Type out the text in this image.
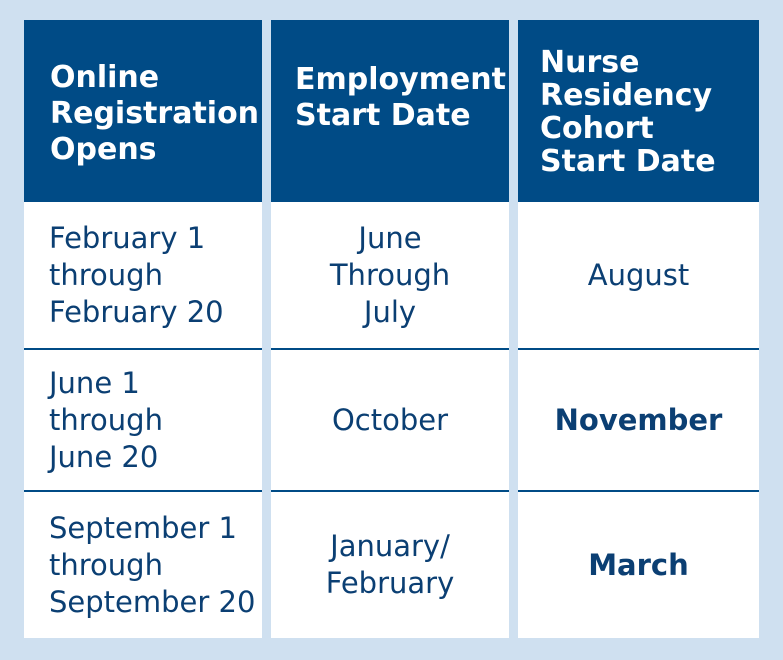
Online
Registration
Opens
Employment
Start Date
Nurse
Residency
Cohort
Start Date
February 1
through
February 20
June
Through
July
August
June 1
through
June 20
October	November
September 1
through
September 20
January/
February
March
